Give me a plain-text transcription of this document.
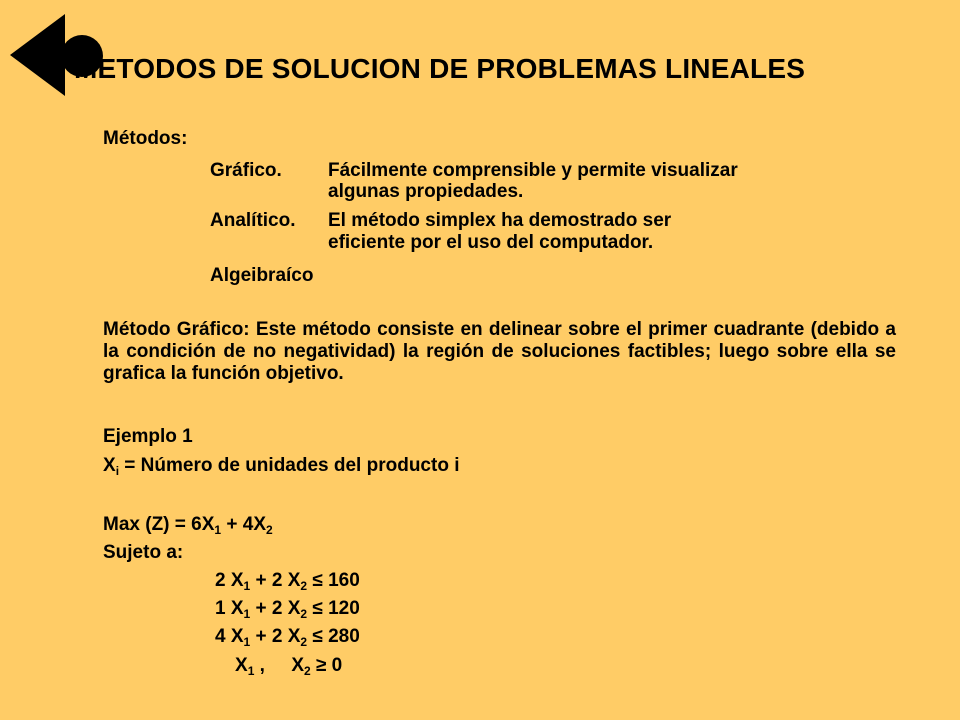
METODOS DE SOLUCION DE PROBLEMAS LINEALES
Métodos:
Gráfico. Fácilmente comprensible y permite visualizar
algunas propiedades.
Analítico. El método simplex ha demostrado ser
eficiente por el uso del computador.
Algeibraíco
Método Gráfico: Este método consiste en delinear sobre el primer cuadrante (debido a la condición de no negatividad) la región de soluciones factibles; luego sobre ella se grafica la función objetivo.
Ejemplo 1
$X_i$ = Número de unidades del producto i
Max $(Z) = 6X_1 + 4X_2$
Sujeto a:
2 $X_1 + 2$ $X_2 \le 160$
1 $X_1 + 2$ $X_2 \le 120$
4 $X_1 + 2$ $X_2 \le 280$
$X_1$ ,     $X_2 \ge 0$
